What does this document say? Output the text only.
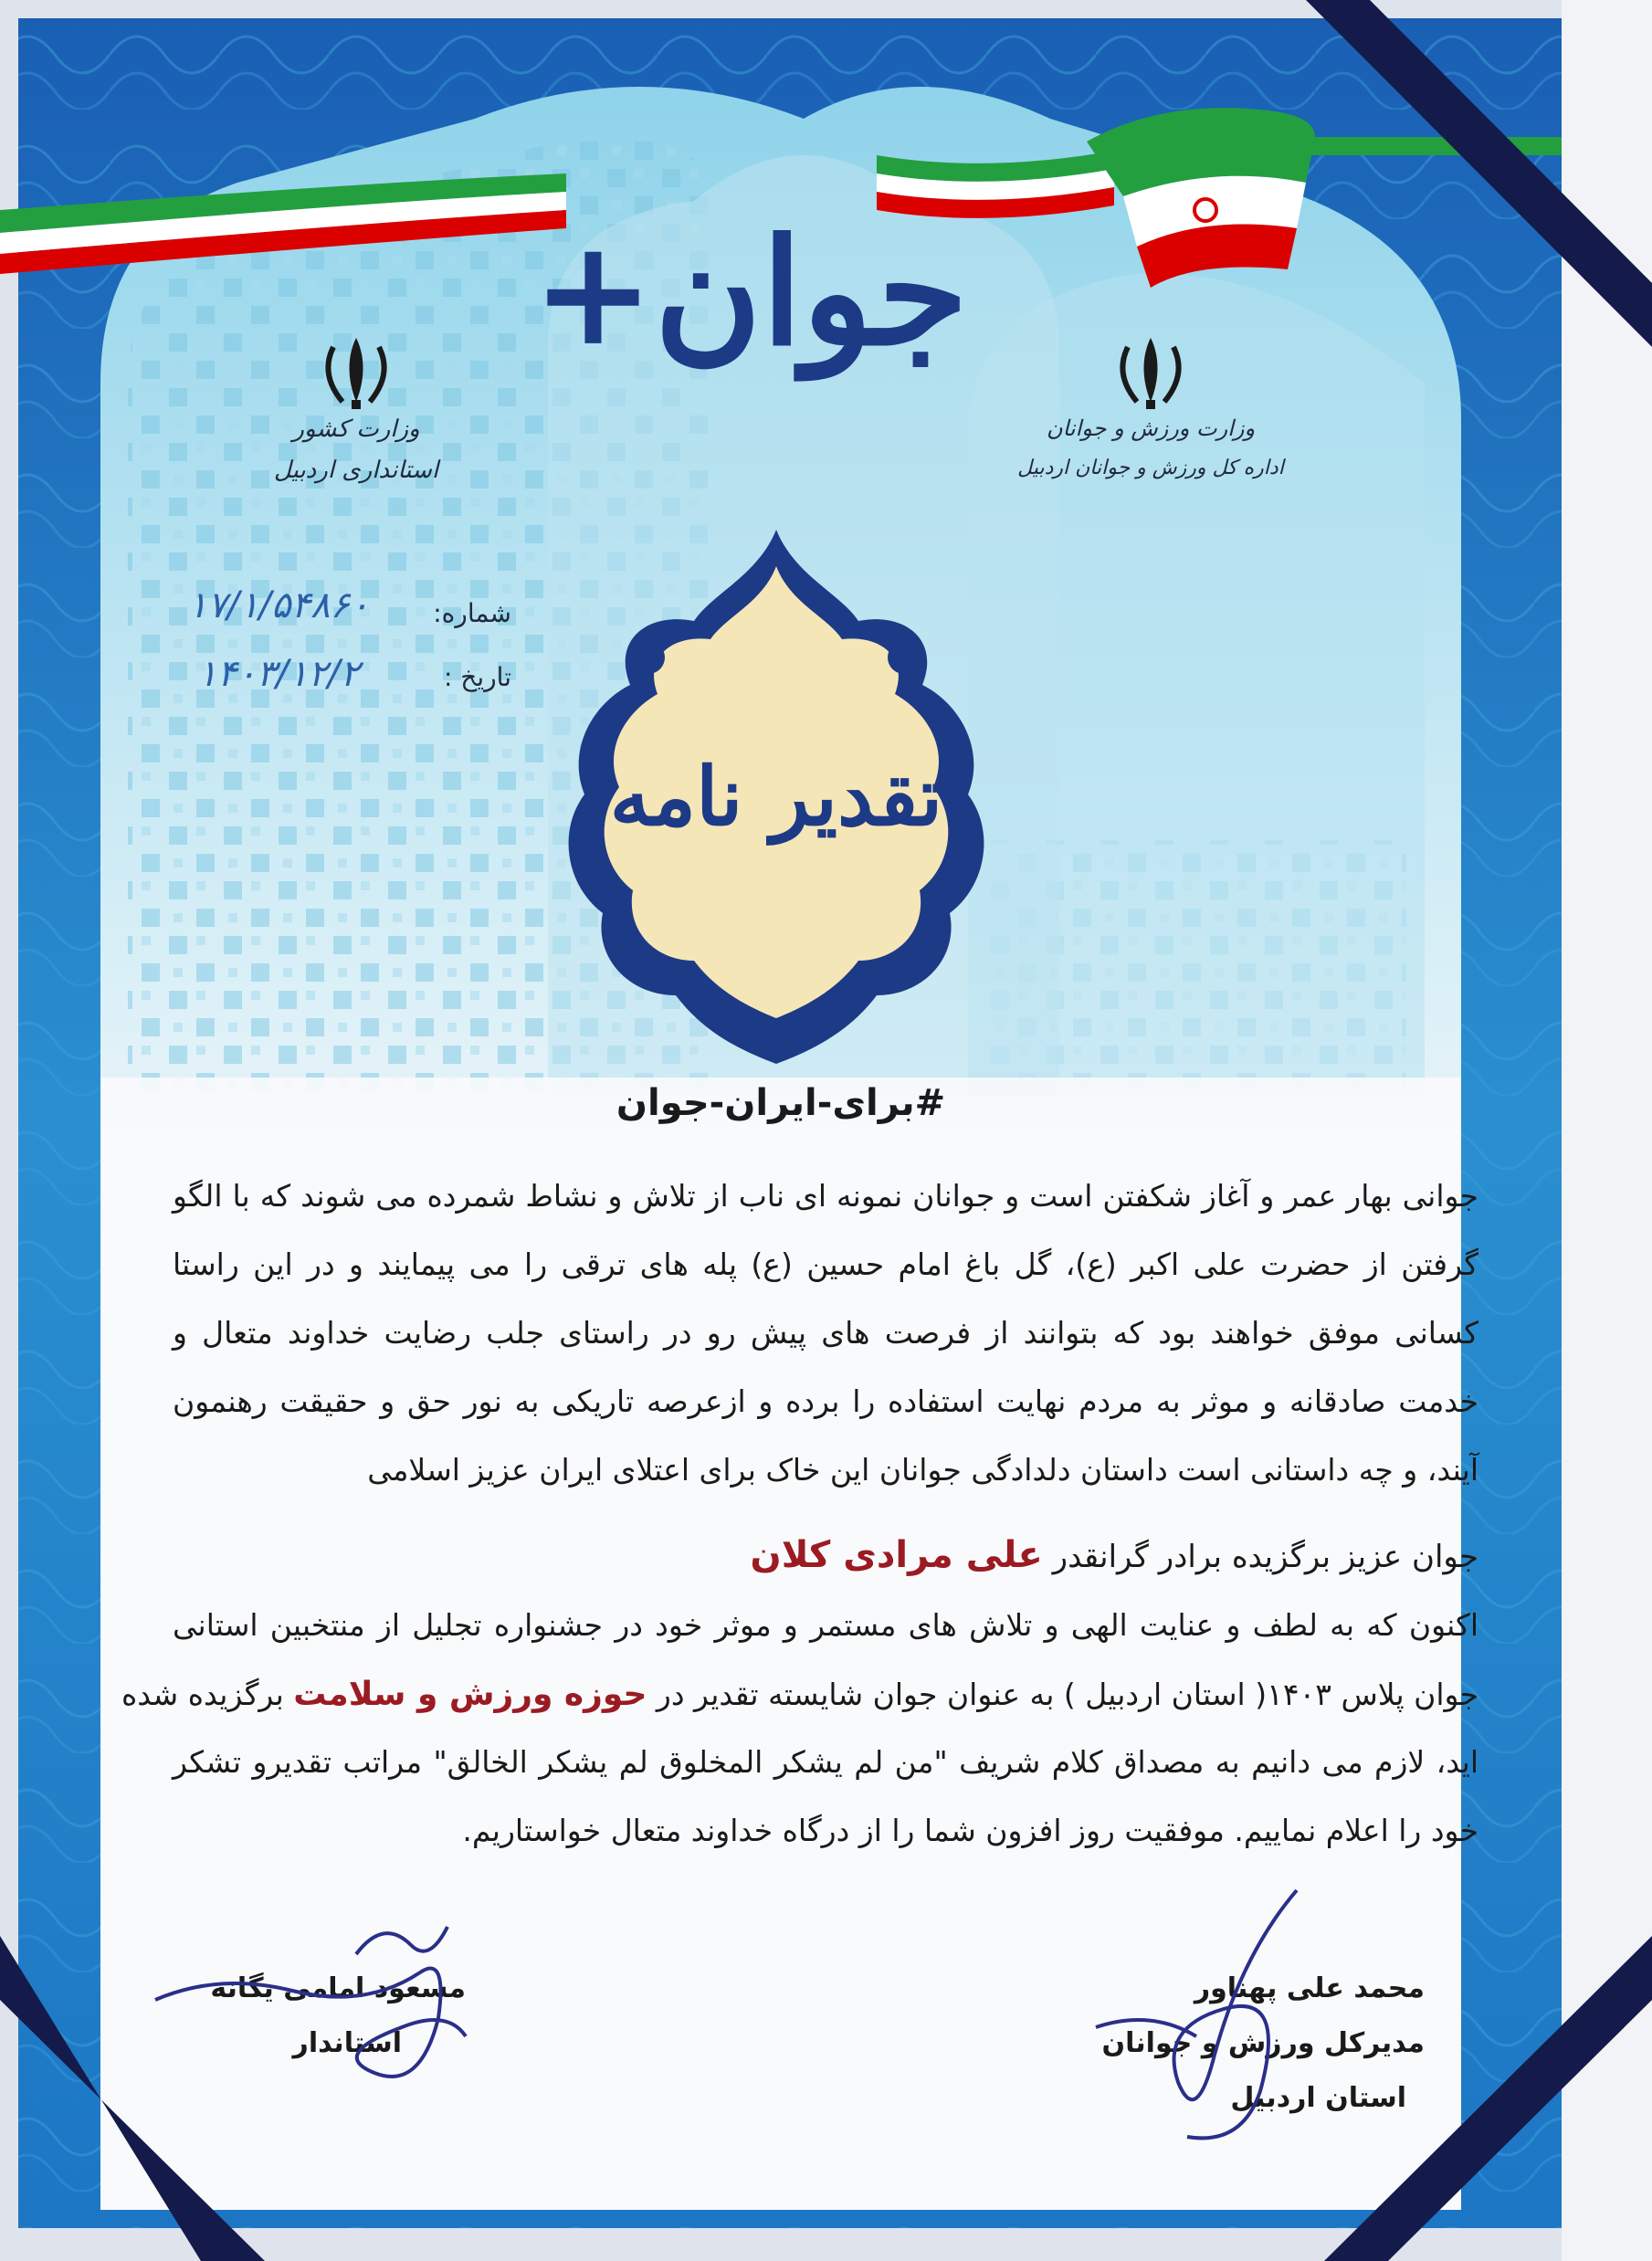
جوان+
وزارت کشور
استانداری اردبیل
وزارت ورزش و جوانان
اداره کل ورزش و جوانان اردبیل
شماره:
۱۷/۱/۵۴۸۶۰
تاریخ :
۱۴۰۳/۱۲/۲
تقدیر نامه
#برای-ایران-جوان
جوانی بهار عمر و آغاز شکفتن است و جوانان نمونه ای ناب از تلاش و نشاط شمرده می شوند که با الگو
گرفتن از حضرت علی اکبر (ع)، گل باغ امام حسین (ع) پله های ترقی را می پیمایند و در این راستا
کسانی موفق خواهند بود که بتوانند از فرصت های پیش رو در راستای جلب رضایت خداوند متعال و
خدمت صادقانه و موثر به مردم نهایت استفاده را برده و ازعرصه تاریکی به نور حق و حقیقت رهنمون
آیند، و چه داستانی است داستان دلدادگی جوانان این خاک برای اعتلای ایران عزیز اسلامی
جوان عزیز برگزیده برادر گرانقدر علی مرادی کلان
اکنون که به لطف و عنایت الهی و تلاش های مستمر و موثر خود در جشنواره تجلیل از منتخبین استانی
جوان پلاس ۱۴۰۳( استان اردبیل ) به عنوان جوان شایسته تقدیر در حوزه ورزش و سلامت برگزیده شده
اید، لازم می دانیم به مصداق کلام شریف "من لم یشکر المخلوق لم یشکر الخالق" مراتب تقدیرو تشکر
خود را اعلام نماییم. موفقیت روز افزون شما را از درگاه خداوند متعال خواستاریم.
مسعود امامی یگانه
استاندار
محمد علی پهناور
مدیرکل ورزش و جوانان
استان اردبیل
